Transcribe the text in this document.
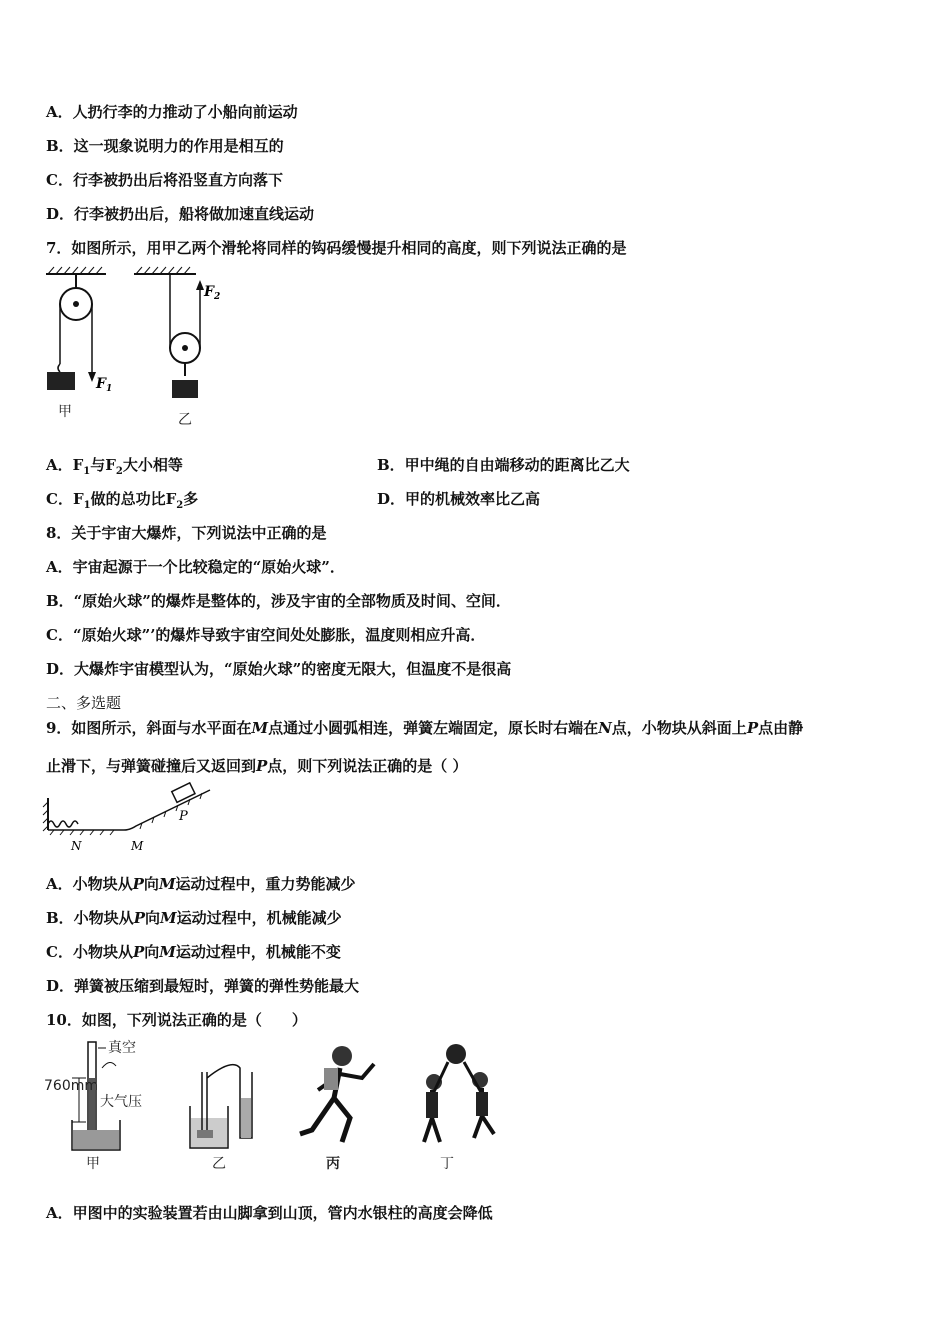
A．人扔行李的力推动了小船向前运动
B．这一现象说明力的作用是相互的
C．行李被扔出后将沿竖直方向落下
D．行李被扔出后，船将做加速直线运动
7．如图所示，用甲乙两个滑轮将同样的钩码缓慢提升相同的高度，则下列说法正确的是
$F_1$
甲
$F_2$
乙
A．$F_1$与$F_2$大小相等	B．甲中绳的自由端移动的距离比乙大
C．$F_1$做的总功比$F_2$多	D．甲的机械效率比乙高
8．关于宇宙大爆炸，下列说法中正确的是
A．宇宙起源于一个比较稳定的“原始火球”．
B．“原始火球”的爆炸是整体的，涉及宇宙的全部物质及时间、空间．
C．“原始火球”’的爆炸导致宇宙空间处处膨胀，温度则相应升高．
D．大爆炸宇宙模型认为，“原始火球”的密度无限大，但温度不是很高
二、多选题
9．如图所示，斜面与水平面在M点通过小圆弧相连，弹簧左端固定，原长时右端在N点，小物块从斜面上P点由静
止滑下，与弹簧碰撞后又返回到P点，则下列说法正确的是（ ）
P
N	M
A．小物块从P向M运动过程中，重力势能减少
B．小物块从P向M运动过程中，机械能减少
C．小物块从P向M运动过程中，机械能不变
D．弹簧被压缩到最短时，弹簧的弹性势能最大
10．如图，下列说法正确的是（　　）
真空
760mm
大气压
甲	乙	丙	丁
A．甲图中的实验装置若由山脚拿到山顶，管内水银柱的高度会降低
